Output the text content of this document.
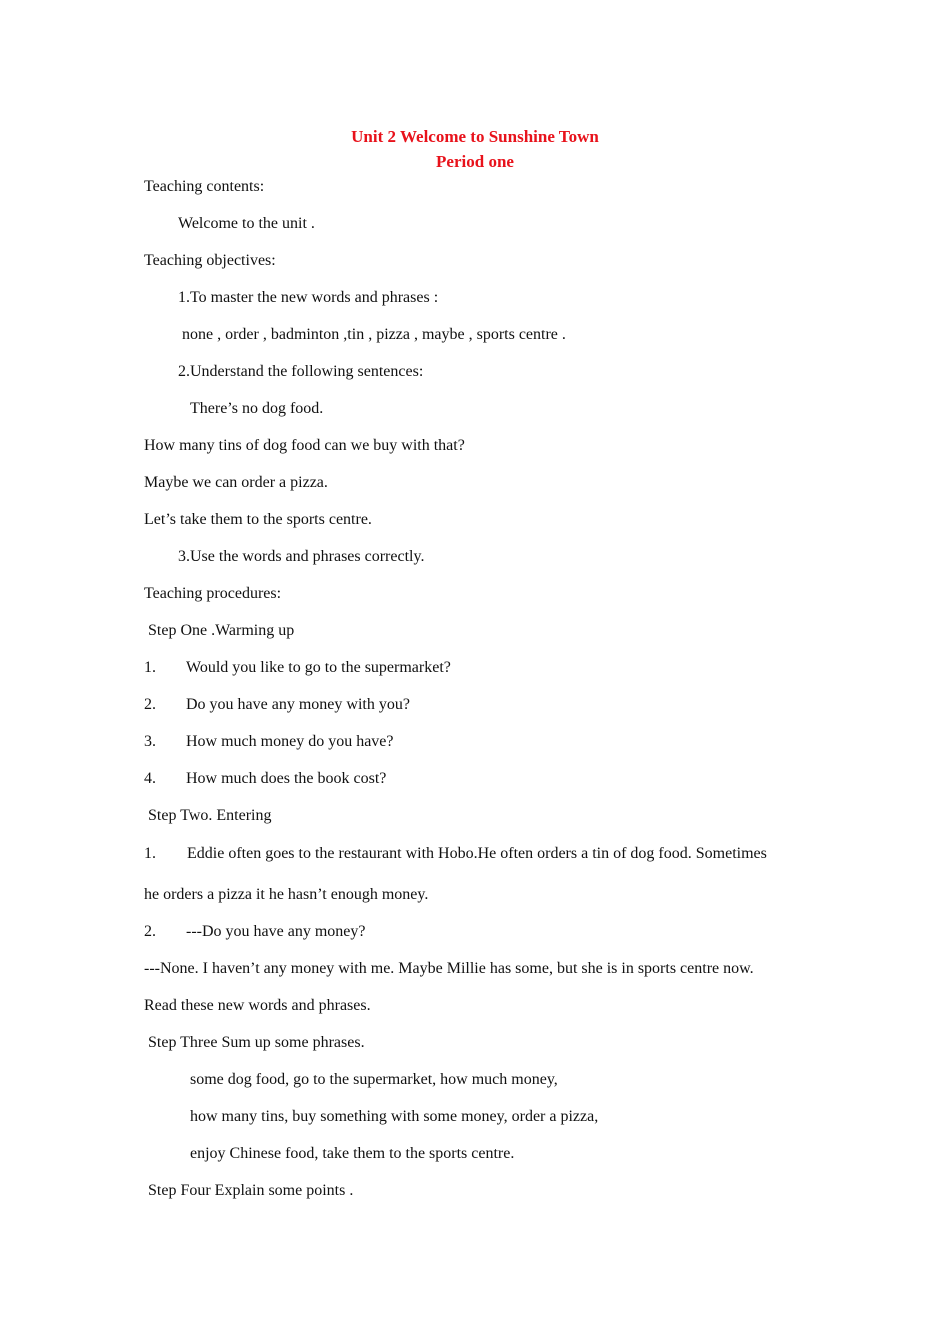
Unit 2 Welcome to Sunshine Town
Period one
Teaching contents:
Welcome to the unit .
Teaching objectives:
1.To master the new words and phrases :
none , order , badminton ,tin , pizza , maybe , sports centre .
2.Understand the following sentences:
There’s no dog food.
How many tins of dog food can we buy with that?
Maybe we can order a pizza.
Let’s take them to the sports centre.
3.Use the words and phrases correctly.
Teaching procedures:
Step One .Warming up
1. Would you like to go to the supermarket?
2. Do you have any money with you?
3. How much money do you have?
4. How much does the book cost?
Step Two. Entering
1. Eddie often goes to the restaurant with Hobo.He often orders a tin of dog food. Sometimes
he orders a pizza it he hasn’t enough money.
2. ---Do you have any money?
---None. I haven’t any money with me. Maybe Millie has some, but she is in sports centre now.
Read these new words and phrases.
Step Three Sum up some phrases.
some dog food, go to the supermarket, how much money,
how many tins, buy something with some money, order a pizza,
enjoy Chinese food, take them to the sports centre.
Step Four Explain some points .
